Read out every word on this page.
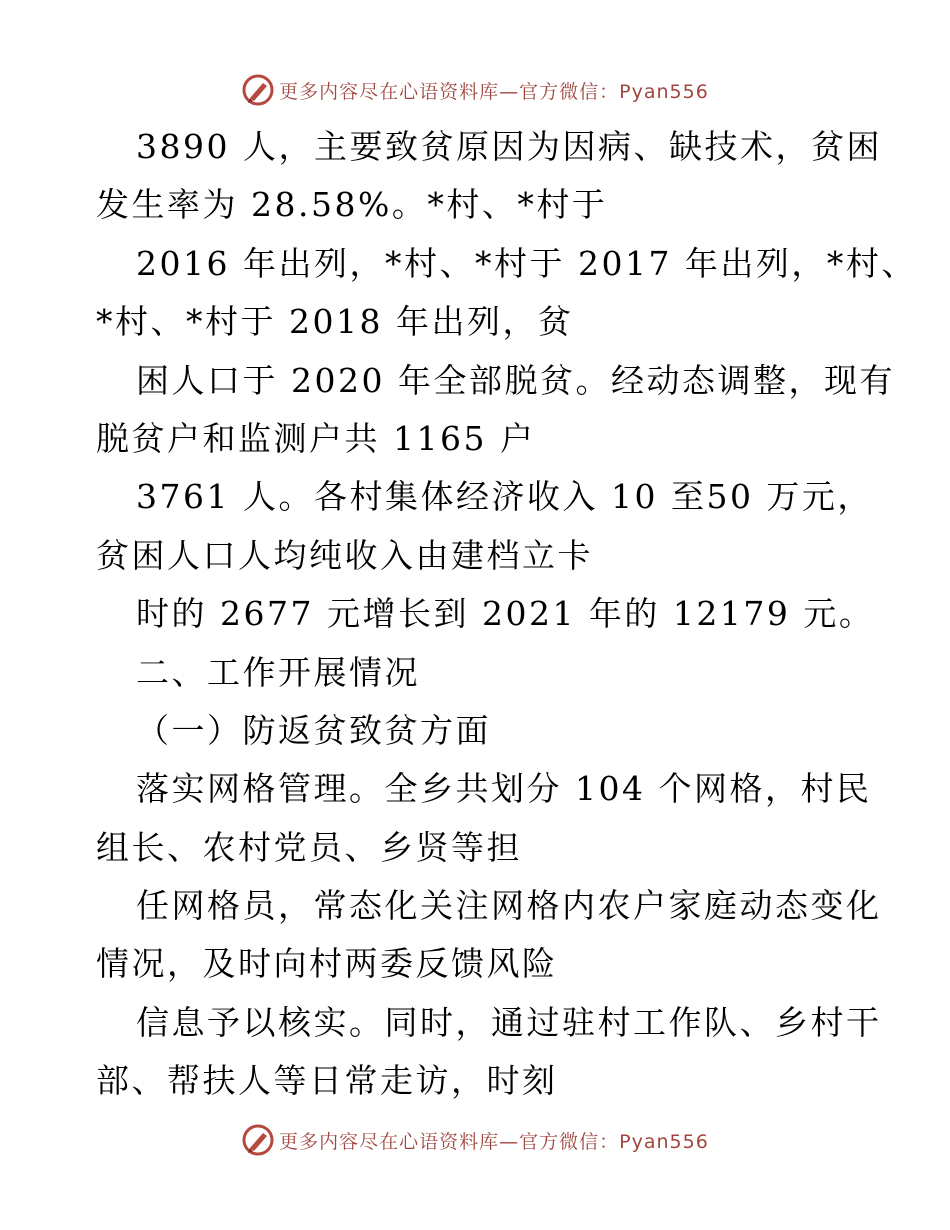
更多内容尽在心语资料库—官方微信：Pyan556
3890 人，主要致贫原因为因病、缺技术，贫困
发生率为 28.58%。*村、*村于
2016 年出列，*村、*村于 2017 年出列，*村、
*村、*村于 2018 年出列，贫
困人口于 2020 年全部脱贫。经动态调整，现有
脱贫户和监测户共 1165 户
3761 人。各村集体经济收入 10 至50 万元，
贫困人口人均纯收入由建档立卡
时的 2677 元增长到 2021 年的 12179 元。
二、工作开展情况
（一）防返贫致贫方面
落实网格管理。全乡共划分 104 个网格，村民
组长、农村党员、乡贤等担
任网格员，常态化关注网格内农户家庭动态变化
情况，及时向村两委反馈风险
信息予以核实。同时，通过驻村工作队、乡村干
部、帮扶人等日常走访，时刻
更多内容尽在心语资料库—官方微信：Pyan556
